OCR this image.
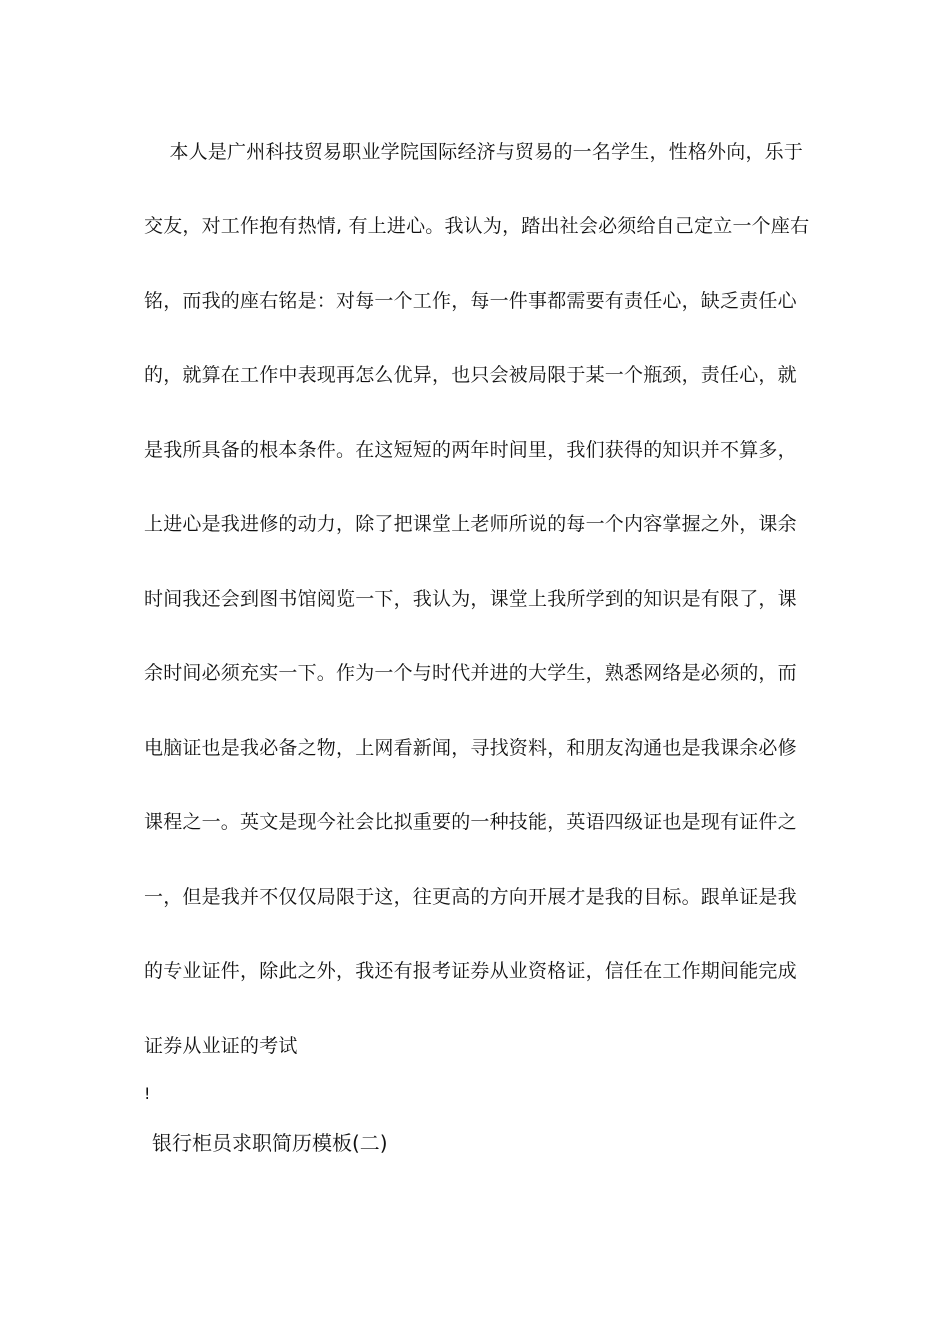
　 本人是广州科技贸易职业学院国际经济与贸易的一名学生，性格外向，乐于
交友，对工作抱有热情, 有上进心。我认为，踏出社会必须给自己定立一个座右
铭，而我的座右铭是：对每一个工作，每一件事都需要有责任心，缺乏责任心
的，就算在工作中表现再怎么优异，也只会被局限于某一个瓶颈，责任心，就
是我所具备的根本条件。在这短短的两年时间里，我们获得的知识并不算多，
上进心是我进修的动力，除了把课堂上老师所说的每一个内容掌握之外，课余
时间我还会到图书馆阅览一下，我认为，课堂上我所学到的知识是有限了，课
余时间必须充实一下。作为一个与时代并进的大学生，熟悉网络是必须的，而
电脑证也是我必备之物，上网看新闻，寻找资料，和朋友沟通也是我课余必修
课程之一。英文是现今社会比拟重要的一种技能，英语四级证也是现有证件之
一，但是我并不仅仅局限于这，往更高的方向开展才是我的目标。跟单证是我
的专业证件，除此之外，我还有报考证券从业资格证，信任在工作期间能完成
证券从业证的考试
!
银行柜员求职简历模板(二)
